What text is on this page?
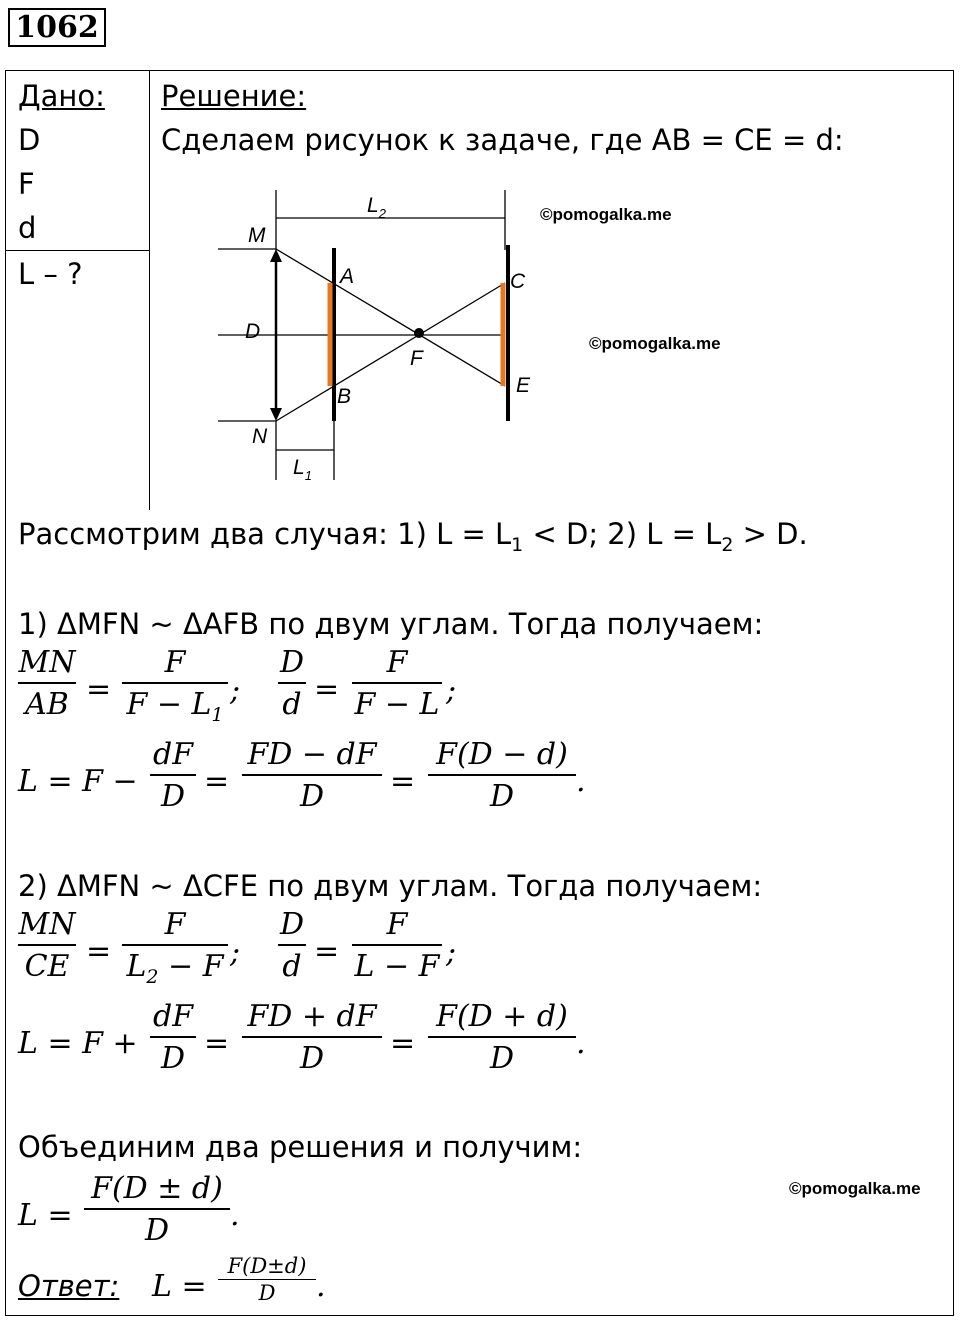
1062
Дано:
D
F
d
L – ?
Решение:
Сделаем рисунок к задаче, где AB = CE = d:
M
N
A
B
C
E
F
D
$L_1$
$L_2$	©pomogalka.me
©pomogalka.me
©pomogalka.me
Рассмотрим два случая: 1) $L = L_1 < D$; 2) $L = L_2 > D$.
1) ΔMFN ~ ΔAFB по двум углам. Тогда получаем:
MN
AB =
F
$F - L_1$
;
D
d =
F
F − L ;
L = F −
dF
D =
FD − dF
D	=
F(D − d)
D	.
2) ΔMFN ~ ΔCFE по двум углам. Тогда получаем:
MN
CE =
F
$L_2 - F$ ;
D
d =
F
L − F ;
L = F +
dF
D =
FD + dF
D	=
F(D + d)
D	.
Объединим два решения и получим:
L =
F(D ± d)
D	.
Ответ: L =
F(D±d)
D	.
